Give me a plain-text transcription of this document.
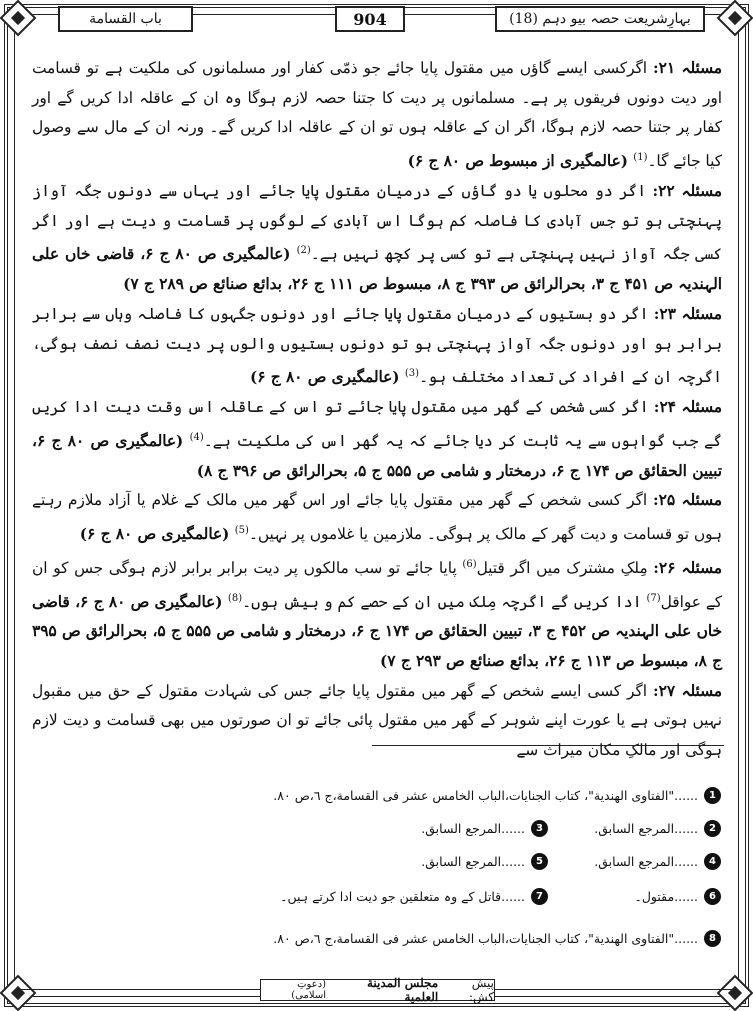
بہارِشریعت حصہ بیو دہم (18)
904
باب القسامة

مسئلہ ۲۱: اگرکسی ایسے گاؤں میں مقتول پایا جائے جو ذمّی کفار اور مسلمانوں کی ملکیت ہے تو قسامت اور دیت دونوں فریقوں پر ہے۔ مسلمانوں پر دیت کا جتنا حصہ لازم ہوگا وہ ان کے عاقلہ ادا کریں گے اور کفار پر جتنا حصہ لازم ہوگا، اگر ان کے عاقلہ ہوں تو ان کے عاقلہ ادا کریں گے۔ ورنہ ان کے مال سے وصول کیا جائے گا۔$^{(1)}$ (عالمگیری از مبسوط ص ۸۰ ج ۶)

مسئلہ ۲۲: اگر دو محلوں یا دو گاؤں کے درمیان مقتول پایا جائے اور یہاں سے دونوں جگہ آواز پہنچتی ہو تو جس آبادی کا فاصلہ کم ہوگا اس آبادی کے لوگوں پر قسامت و دیت ہے اور اگر کسی جگہ آواز نہیں پہنچتی ہے تو کسی پر کچھ نہیں ہے۔$^{(2)}$ (عالمگیری ص ۸۰ ج ۶، قاضی خاں علی الہندیہ ص ۴۵۱ ج ۳، بحرالرائق ص ۳۹۳ ج ۸، مبسوط ص ۱۱۱ ج ۲۶، بدائع صنائع ص ۲۸۹ ج ۷)

مسئلہ ۲۳: اگر دو بستیوں کے درمیان مقتول پایا جائے اور دونوں جگہوں کا فاصلہ وہاں سے برابر برابر ہو اور دونوں جگہ آواز پہنچتی ہو تو دونوں بستیوں والوں پر دیت نصف نصف ہوگی، اگرچہ ان کے افراد کی تعداد مختلف ہو۔$^{(3)}$ (عالمگیری ص ۸۰ ج ۶)

مسئلہ ۲۴: اگر کسی شخص کے گھر میں مقتول پایا جائے تو اس کے عاقلہ اس وقت دیت ادا کریں گے جب گواہوں سے یہ ثابت کر دیا جائے کہ یہ گھر اس کی ملکیت ہے۔$^{(4)}$ (عالمگیری ص ۸۰ ج ۶، تبیین الحقائق ص ۱۷۴ ج ۶، درمختار و شامی ص ۵۵۵ ج ۵، بحرالرائق ص ۳۹۶ ج ۸)

مسئلہ ۲۵: اگر کسی شخص کے گھر میں مقتول پایا جائے اور اس گھر میں مالک کے غلام یا آزاد ملازم رہتے ہوں تو قسامت و دیت گھر کے مالک پر ہوگی۔ ملازمین یا غلاموں پر نہیں۔$^{(5)}$ (عالمگیری ص ۸۰ ج ۶)

مسئلہ ۲۶: مِلکِ مشترک میں اگر قتیل$^{(6)}$ پایا جائے تو سب مالکوں پر دیت برابر برابر لازم ہوگی جس کو ان کے عواقل$^{(7)}$ ادا کریں گے اگرچہ مِلک میں ان کے حصے کم و بیش ہوں۔$^{(8)}$ (عالمگیری ص ۸۰ ج ۶، قاضی خاں علی الہندیہ ص ۴۵۲ ج ۳، تبیین الحقائق ص ۱۷۴ ج ۶، درمختار و شامی ص ۵۵۵ ج ۵، بحرالرائق ص ۳۹۵ ج ۸، مبسوط ص ۱۱۳ ج ۲۶، بدائع صنائع ص ۲۹۳ ج ۷)

مسئلہ ۲۷: اگر کسی ایسے شخص کے گھر میں مقتول پایا جائے جس کی شہادت مقتول کے حق میں مقبول نہیں ہوتی ہے یا عورت اپنے شوہر کے گھر میں مقتول پائی جائے تو ان صورتوں میں بھی قسامت و دیت لازم ہوگی اور مالکِ مکان میراث سے

1
......"الفتاوی الهندية"، کتاب الجنايات،الباب الخامس عشر فی القسامة،ج ٦،ص ٨٠.
2
......المرجع السابق.
3
......المرجع السابق.
4
......المرجع السابق.
5
......المرجع السابق.
6
......مقتول۔
7
......قاتل کے وہ متعلقین جو دیت ادا کرتے ہیں۔
8
......"الفتاوی الهندية"، کتاب الجنايات،الباب الخامس عشر فی القسامة،ج ٦،ص ٨٠.
پیش کش:
مجلس المدینة العلمیة
(دعوتِ اسلامی)
